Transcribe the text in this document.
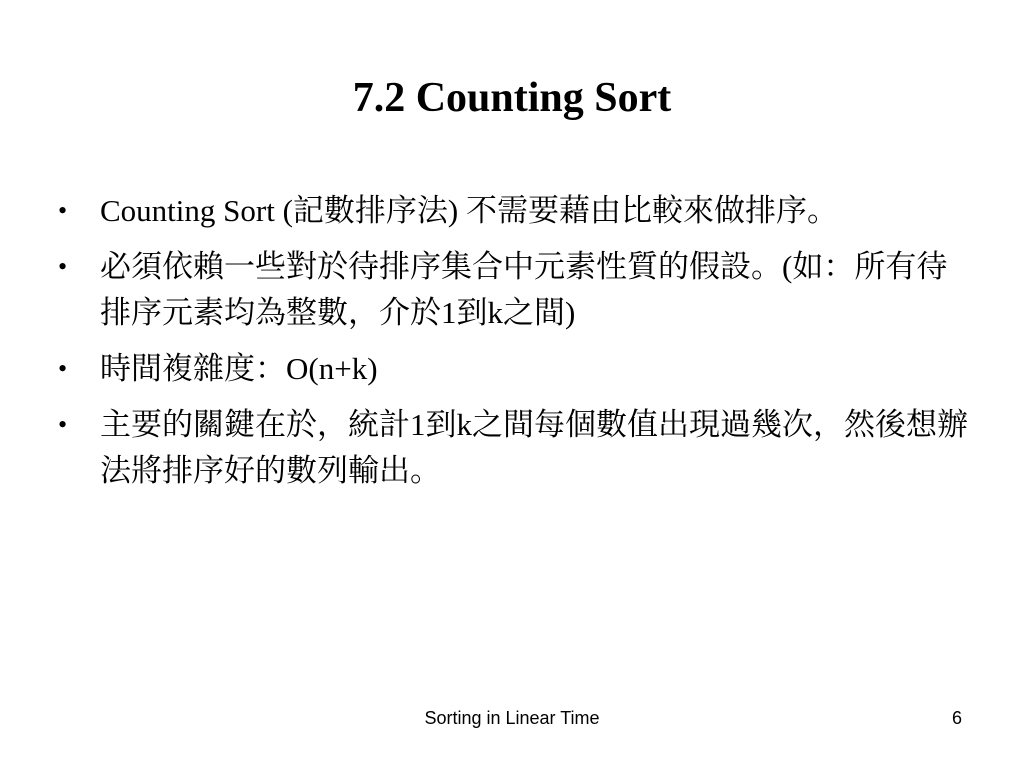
7.2 Counting Sort
• Counting Sort (記數排序法) 不需要藉由比較來做排序。
• 必須依賴一些對於待排序集合中元素性質的假設。(如：所有待排序元素均為整數，介於1到k之間)
• 時間複雜度：O(n+k)
• 主要的關鍵在於，統計1到k之間每個數值出現過幾次，然後想辦法將排序好的數列輸出。
Sorting in Linear Time	6
